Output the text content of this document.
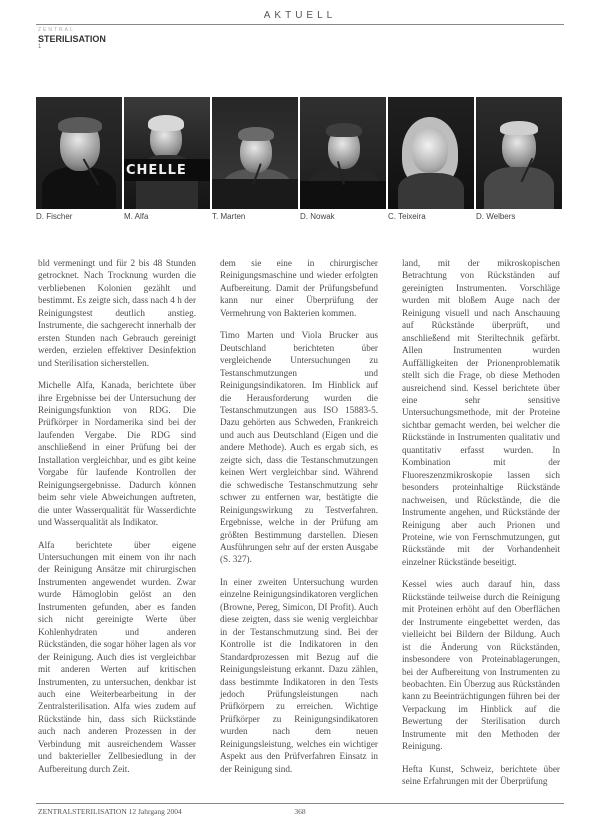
AKTUELL
ZENTRAL
STERILISATION
1
CHELLE
D. Fischer	M. Alfa	T. Marten	D. Nowak	C. Teixeira	D. Welbers

bld vermeningt und für 2 bis 48 Stunden getrocknet. Nach Trocknung wurden die verbliebenen Kolonien gezählt und bestimmt. Es zeigte sich, dass nach 4 h der Reinigungstest deutlich anstieg. Instrumente, die sachgerecht innerhalb der ersten Stunden nach Gebrauch gereinigt werden, erzielen effektiver Desinfektion und Sterilisation sicherstellen.

Michelle Alfa, Kanada, berichtete über ihre Ergebnisse bei der Untersuchung der Reinigungsfunktion von RDG. Die Prüfkörper in Nordamerika sind bei der laufenden Vergabe. Die RDG sind anschließend in einer Prüfung bei der Installation vergleichbar, und es gibt keine Vorgabe für laufende Kontrollen der Reinigungsergebnisse. Dadurch können beim sehr viele Abweichungen auftreten, die unter Wasserqualität für Wasserdichte und Wasserqualität als Indikator.

Alfa berichtete über eigene Untersuchungen mit einem von ihr nach der Reinigung Ansätze mit chirurgischen Instrumenten angewendet wurden. Zwar wurde Hämoglobin gelöst an den Instrumenten gefunden, aber es fanden sich nicht gereinigte Werte über Kohlenhydraten und anderen Rückständen, die sogar höher lagen als vor der Reinigung. Auch dies ist vergleichbar mit anderen Werten auf kritischen Instrumenten, zu untersuchen, denkbar ist auch eine Weiterbearbeitung in der Zentralsterilisation. Alfa wies zudem auf Rückstände hin, dass sich Rückstände auch nach anderen Prozessen in der Verbindung mit ausreichendem Wasser und bakterieller Zellbesiedlung in der Aufbereitung durch Zeit.

dem sie eine in chirurgischer Reinigungsmaschine und wieder erfolgten Aufbereitung. Damit der Prüfungsbefund kann nur einer Überprüfung der Vermehrung von Bakterien kommen.

Timo Marten und Viola Brucker aus Deutschland berichteten über vergleichende Untersuchungen zu Testanschmutzungen und Reinigungsindikatoren. Im Hinblick auf die Herausforderung wurden die Testanschmutzungen aus ISO 15883-5. Dazu gehörten aus Schweden, Frankreich und auch aus Deutschland (Eigen und die andere Methode). Auch es ergab sich, es zeigte sich, dass die Testanschmutzungen keinen Wert vergleichbar sind. Während die schwedische Testanschmutzung sehr schwer zu entfernen war, bestätigte die Reinigungswirkung zu Testverfahren. Ergebnisse, welche in der Prüfung am größten Bestimmung darstellen. Diesen Ausführungen sehr auf der ersten Ausgabe (S. 327).

In einer zweiten Untersuchung wurden einzelne Reinigungsindikatoren verglichen (Browne, Pereg, Simicon, DI Profit). Auch diese zeigten, dass sie wenig vergleichbar in der Testanschmutzung sind. Bei der Kontrolle ist die Indikatoren in den Standardprozessen mit Bezug auf die Reinigungsleistung erkannt. Dazu zählen, dass bestimmte Indikatoren in den Tests jedoch Prüfungsleistungen nach Prüfkörpern zu erreichen. Wichtige Prüfkörper zu Reinigungsindikatoren wurden nach dem neuen Reinigungsleistung, welches ein wichtiger Aspekt aus den Prüfverfahren Einsatz in der Reinigung sind.

land, mit der mikroskopischen Betrachtung von Rückständen auf gereinigten Instrumenten. Vorschläge wurden mit bloßem Auge nach der Reinigung visuell und nach Anschauung auf Rückstände überprüft, und anschließend mit Steriltechnik gefärbt. Allen Instrumenten wurden Auffälligkeiten der Prionenproblematik stellt sich die Frage, ob diese Methoden ausreichend sind. Kessel berichtete über eine sehr sensitive Untersuchungsmethode, mit der Proteine sichtbar gemacht werden, bei welcher die Rückstände in Instrumenten qualitativ und quantitativ erfasst wurden. In Kombination mit der Fluoreszenzmikroskopie lassen sich besonders proteinhaltige Rückstände nachweisen, und Rückstände, die die Instrumente angehen, und Rückstände der Reinigung aber auch Prionen und Proteine, wie von Fernschmutzungen, gut Rückstände mit der Vorhandenheit einzelner Rückstände beseitigt.

Kessel wies auch darauf hin, dass Rückstände teilweise durch die Reinigung mit Proteinen erhöht auf den Oberflächen der Instrumente eingebettet werden, das vielleicht bei Bildern der Bildung. Auch ist die Änderung von Rückständen, insbesondere von Proteinablagerungen, bei der Aufbereitung von Instrumenten zu beobachten. Ein Überzug aus Rückständen kann zu Beeinträchtigungen führen bei der Verpackung im Hinblick auf die Bewertung der Sterilisation durch Instrumente mit den Methoden der Reinigung.

Hefta Kunst, Schweiz, berichtete über seine Erfahrungen mit der Überprüfung

ZENTRALSTERILISATION 12 Jahrgang 2004	368
